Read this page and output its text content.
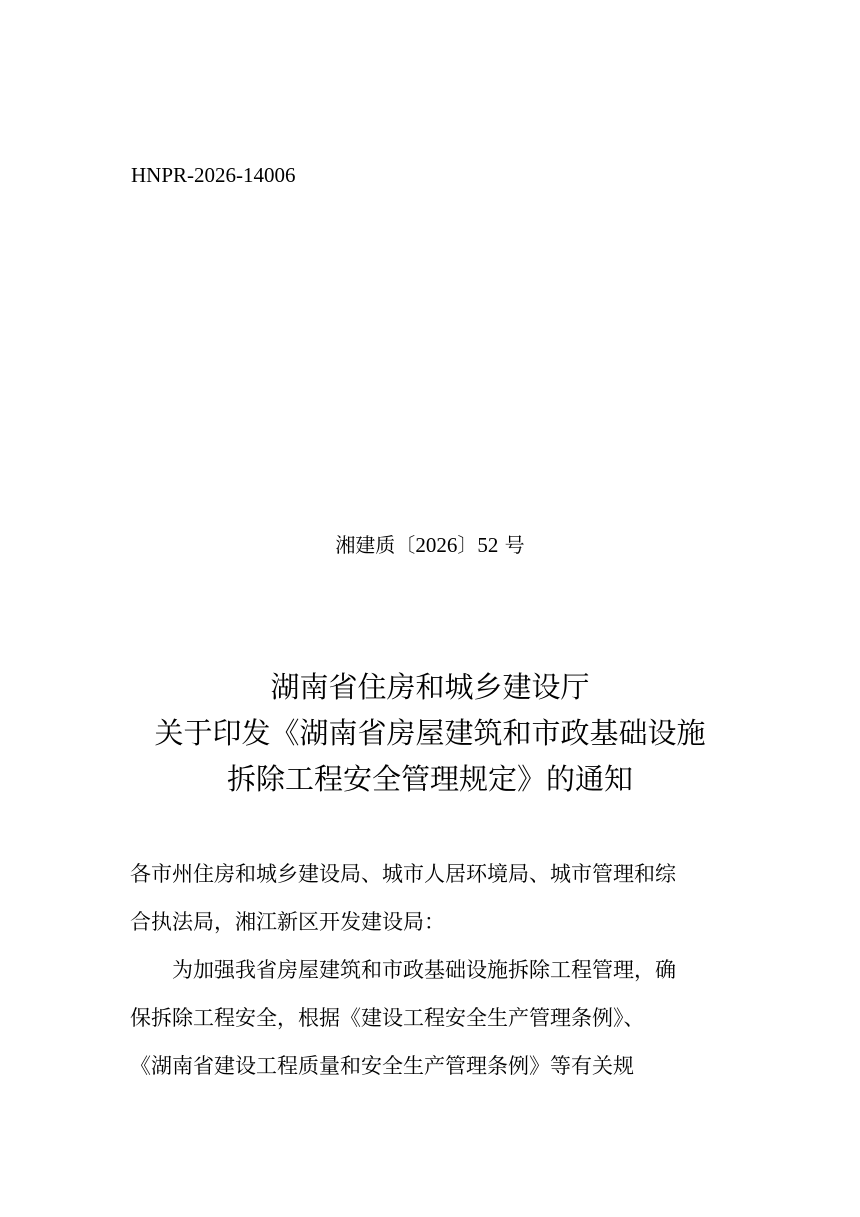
HNPR-2026-14006
湘建质〔2026〕52 号
湖南省住房和城乡建设厅
关于印发《湖南省房屋建筑和市政基础设施
拆除工程安全管理规定》的通知
各市州住房和城乡建设局、城市人居环境局、城市管理和综
合执法局，湘江新区开发建设局：
为加强我省房屋建筑和市政基础设施拆除工程管理，确
保拆除工程安全，根据《建设工程安全生产管理条例》、
《湖南省建设工程质量和安全生产管理条例》等有关规
